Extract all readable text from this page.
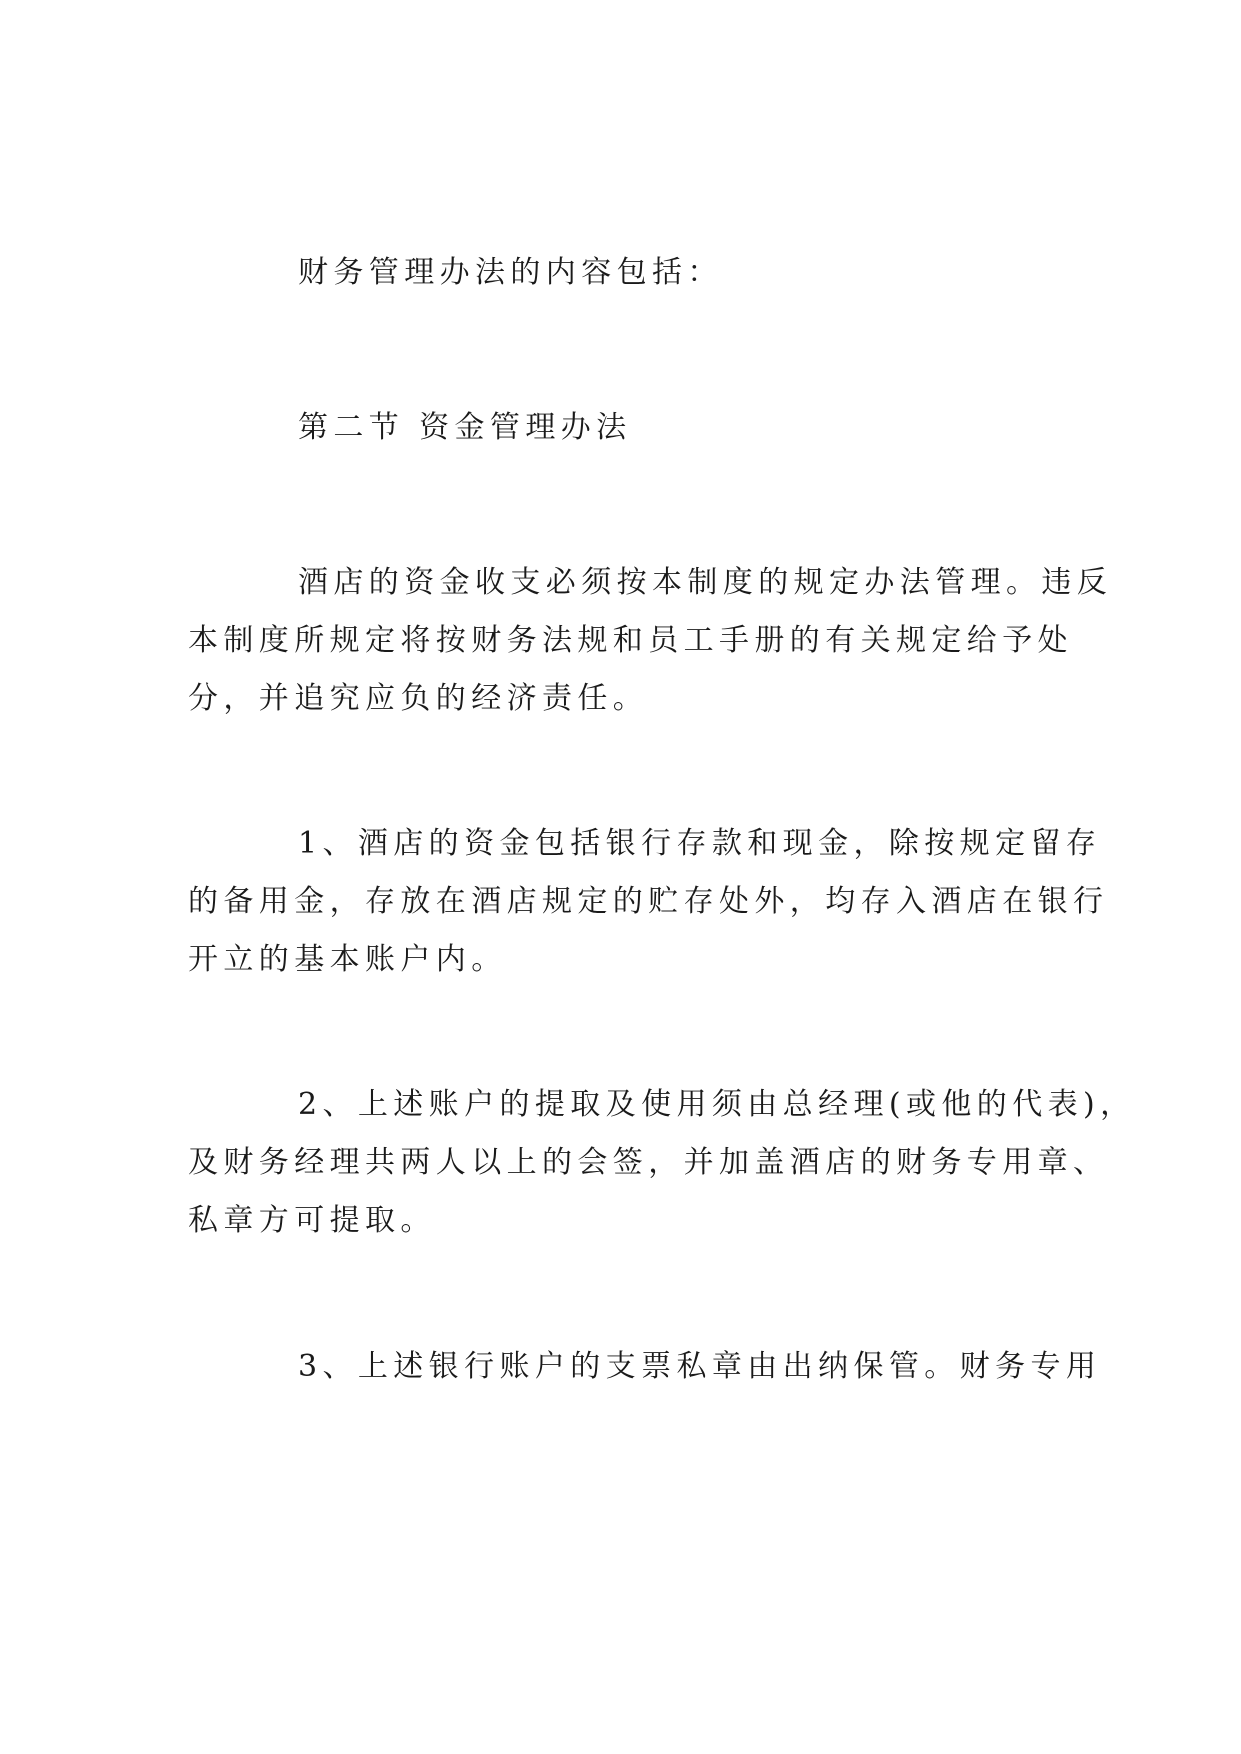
财务管理办法的内容包括：

第二节 资金管理办法

酒店的资金收支必须按本制度的规定办法管理。违反
本制度所规定将按财务法规和员工手册的有关规定给予处
分，并追究应负的经济责任。
1、酒店的资金包括银行存款和现金，除按规定留存
的备用金，存放在酒店规定的贮存处外，均存入酒店在银行
开立的基本账户内。
2、上述账户的提取及使用须由总经理(或他的代表)，
及财务经理共两人以上的会签，并加盖酒店的财务专用章、
私章方可提取。
3、上述银行账户的支票私章由出纳保管。财务专用
